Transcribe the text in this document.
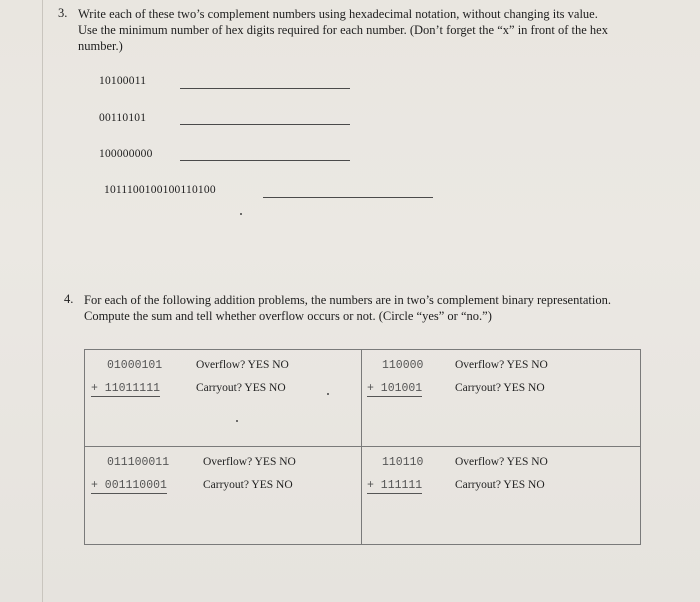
3. Write each of these two’s complement numbers using hexadecimal notation, without changing its value.
Use the minimum number of hex digits required for each number. (Don’t forget the “x” in front of the hex
number.)
10100011
00110101
100000000
1011100100100110100
4. For each of the following addition problems, the numbers are in two’s complement binary representation.
Compute the sum and tell whether overflow occurs or not. (Circle “yes” or “no.”)
01000101
+ 11011111
Overflow? YES NO
Carryout? YES NO
110000
+ 101001
Overflow? YES NO
Carryout? YES NO
011100011
+ 001110001
Overflow? YES NO
Carryout? YES NO
110110
+ 111111
Overflow? YES NO
Carryout? YES NO
